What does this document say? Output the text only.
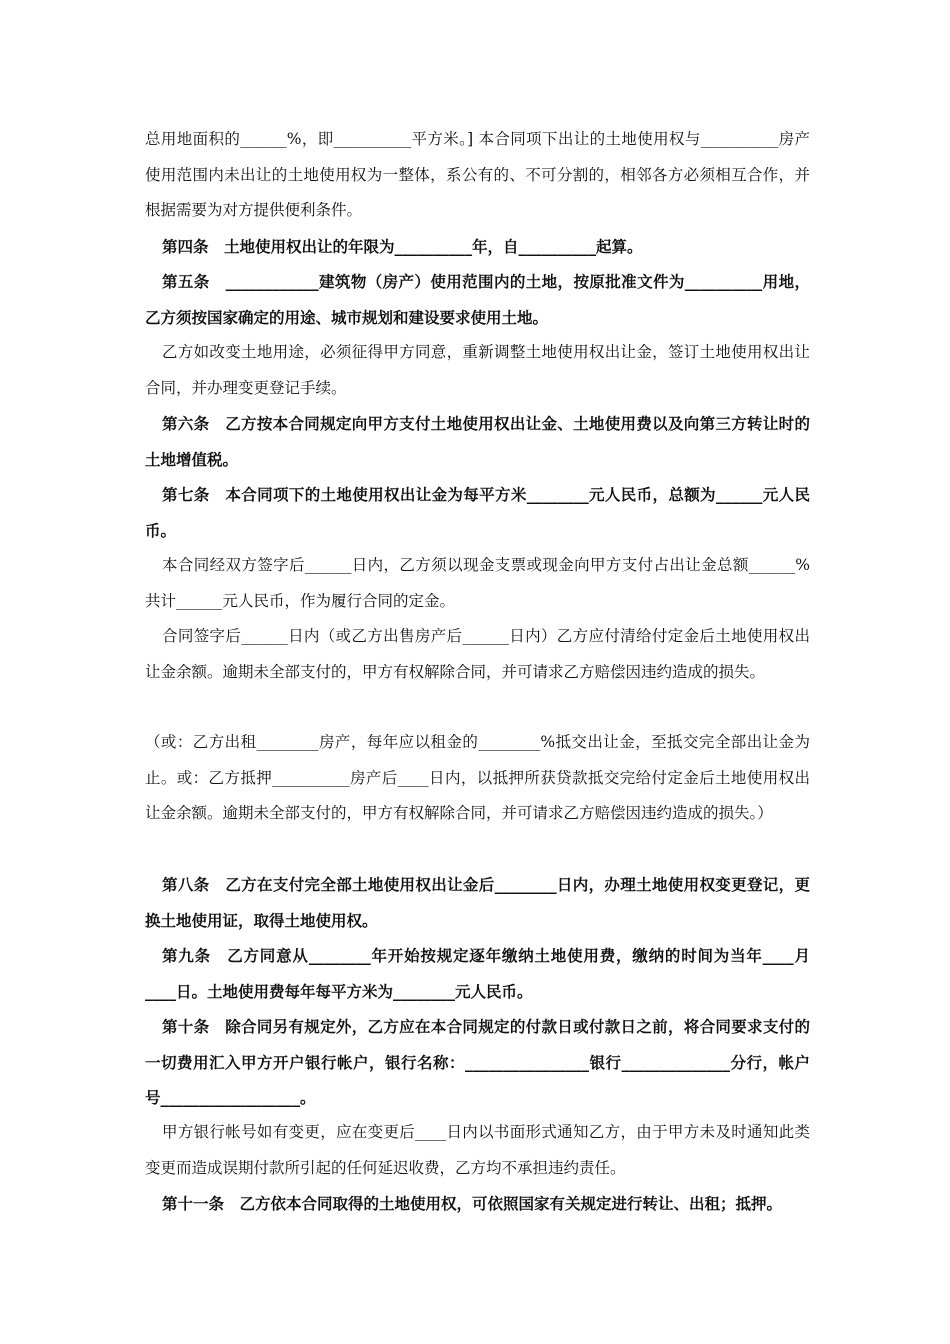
总用地面积的______%，即__________平方米。] 本合同项下出让的土地使用权与__________房产使用范围内未出让的土地使用权为一整体，系公有的、不可分割的，相邻各方必须相互合作，并根据需要为对方提供便利条件。

第四条　土地使用权出让的年限为__________年，自__________起算。

第五条　____________建筑物（房产）使用范围内的土地，按原批准文件为__________用地，乙方须按国家确定的用途、城市规划和建设要求使用土地。

乙方如改变土地用途，必须征得甲方同意，重新调整土地使用权出让金，签订土地使用权出让合同，并办理变更登记手续。

第六条　乙方按本合同规定向甲方支付土地使用权出让金、土地使用费以及向第三方转让时的土地增值税。

第七条　本合同项下的土地使用权出让金为每平方米________元人民币，总额为______元人民币。

本合同经双方签字后______日内，乙方须以现金支票或现金向甲方支付占出让金总额______%共计______元人民币，作为履行合同的定金。

合同签字后______日内（或乙方出售房产后______日内）乙方应付清给付定金后土地使用权出让金余额。逾期未全部支付的，甲方有权解除合同，并可请求乙方赔偿因违约造成的损失。

（或：乙方出租________房产，每年应以租金的________%抵交出让金，至抵交完全部出让金为止。或：乙方抵押__________房产后____日内，以抵押所获贷款抵交完给付定金后土地使用权出让金余额。逾期未全部支付的，甲方有权解除合同，并可请求乙方赔偿因违约造成的损失。）

第八条　乙方在支付完全部土地使用权出让金后________日内，办理土地使用权变更登记，更换土地使用证，取得土地使用权。

第九条　乙方同意从________年开始按规定逐年缴纳土地使用费，缴纳的时间为当年____月____日。土地使用费每年每平方米为________元人民币。

第十条　除合同另有规定外，乙方应在本合同规定的付款日或付款日之前，将合同要求支付的一切费用汇入甲方开户银行帐户，银行名称：________________银行______________分行，帐户号__________________。

甲方银行帐号如有变更，应在变更后____日内以书面形式通知乙方，由于甲方未及时通知此类变更而造成误期付款所引起的任何延迟收费，乙方均不承担违约责任。

第十一条　乙方依本合同取得的土地使用权，可依照国家有关规定进行转让、出租；抵押。
